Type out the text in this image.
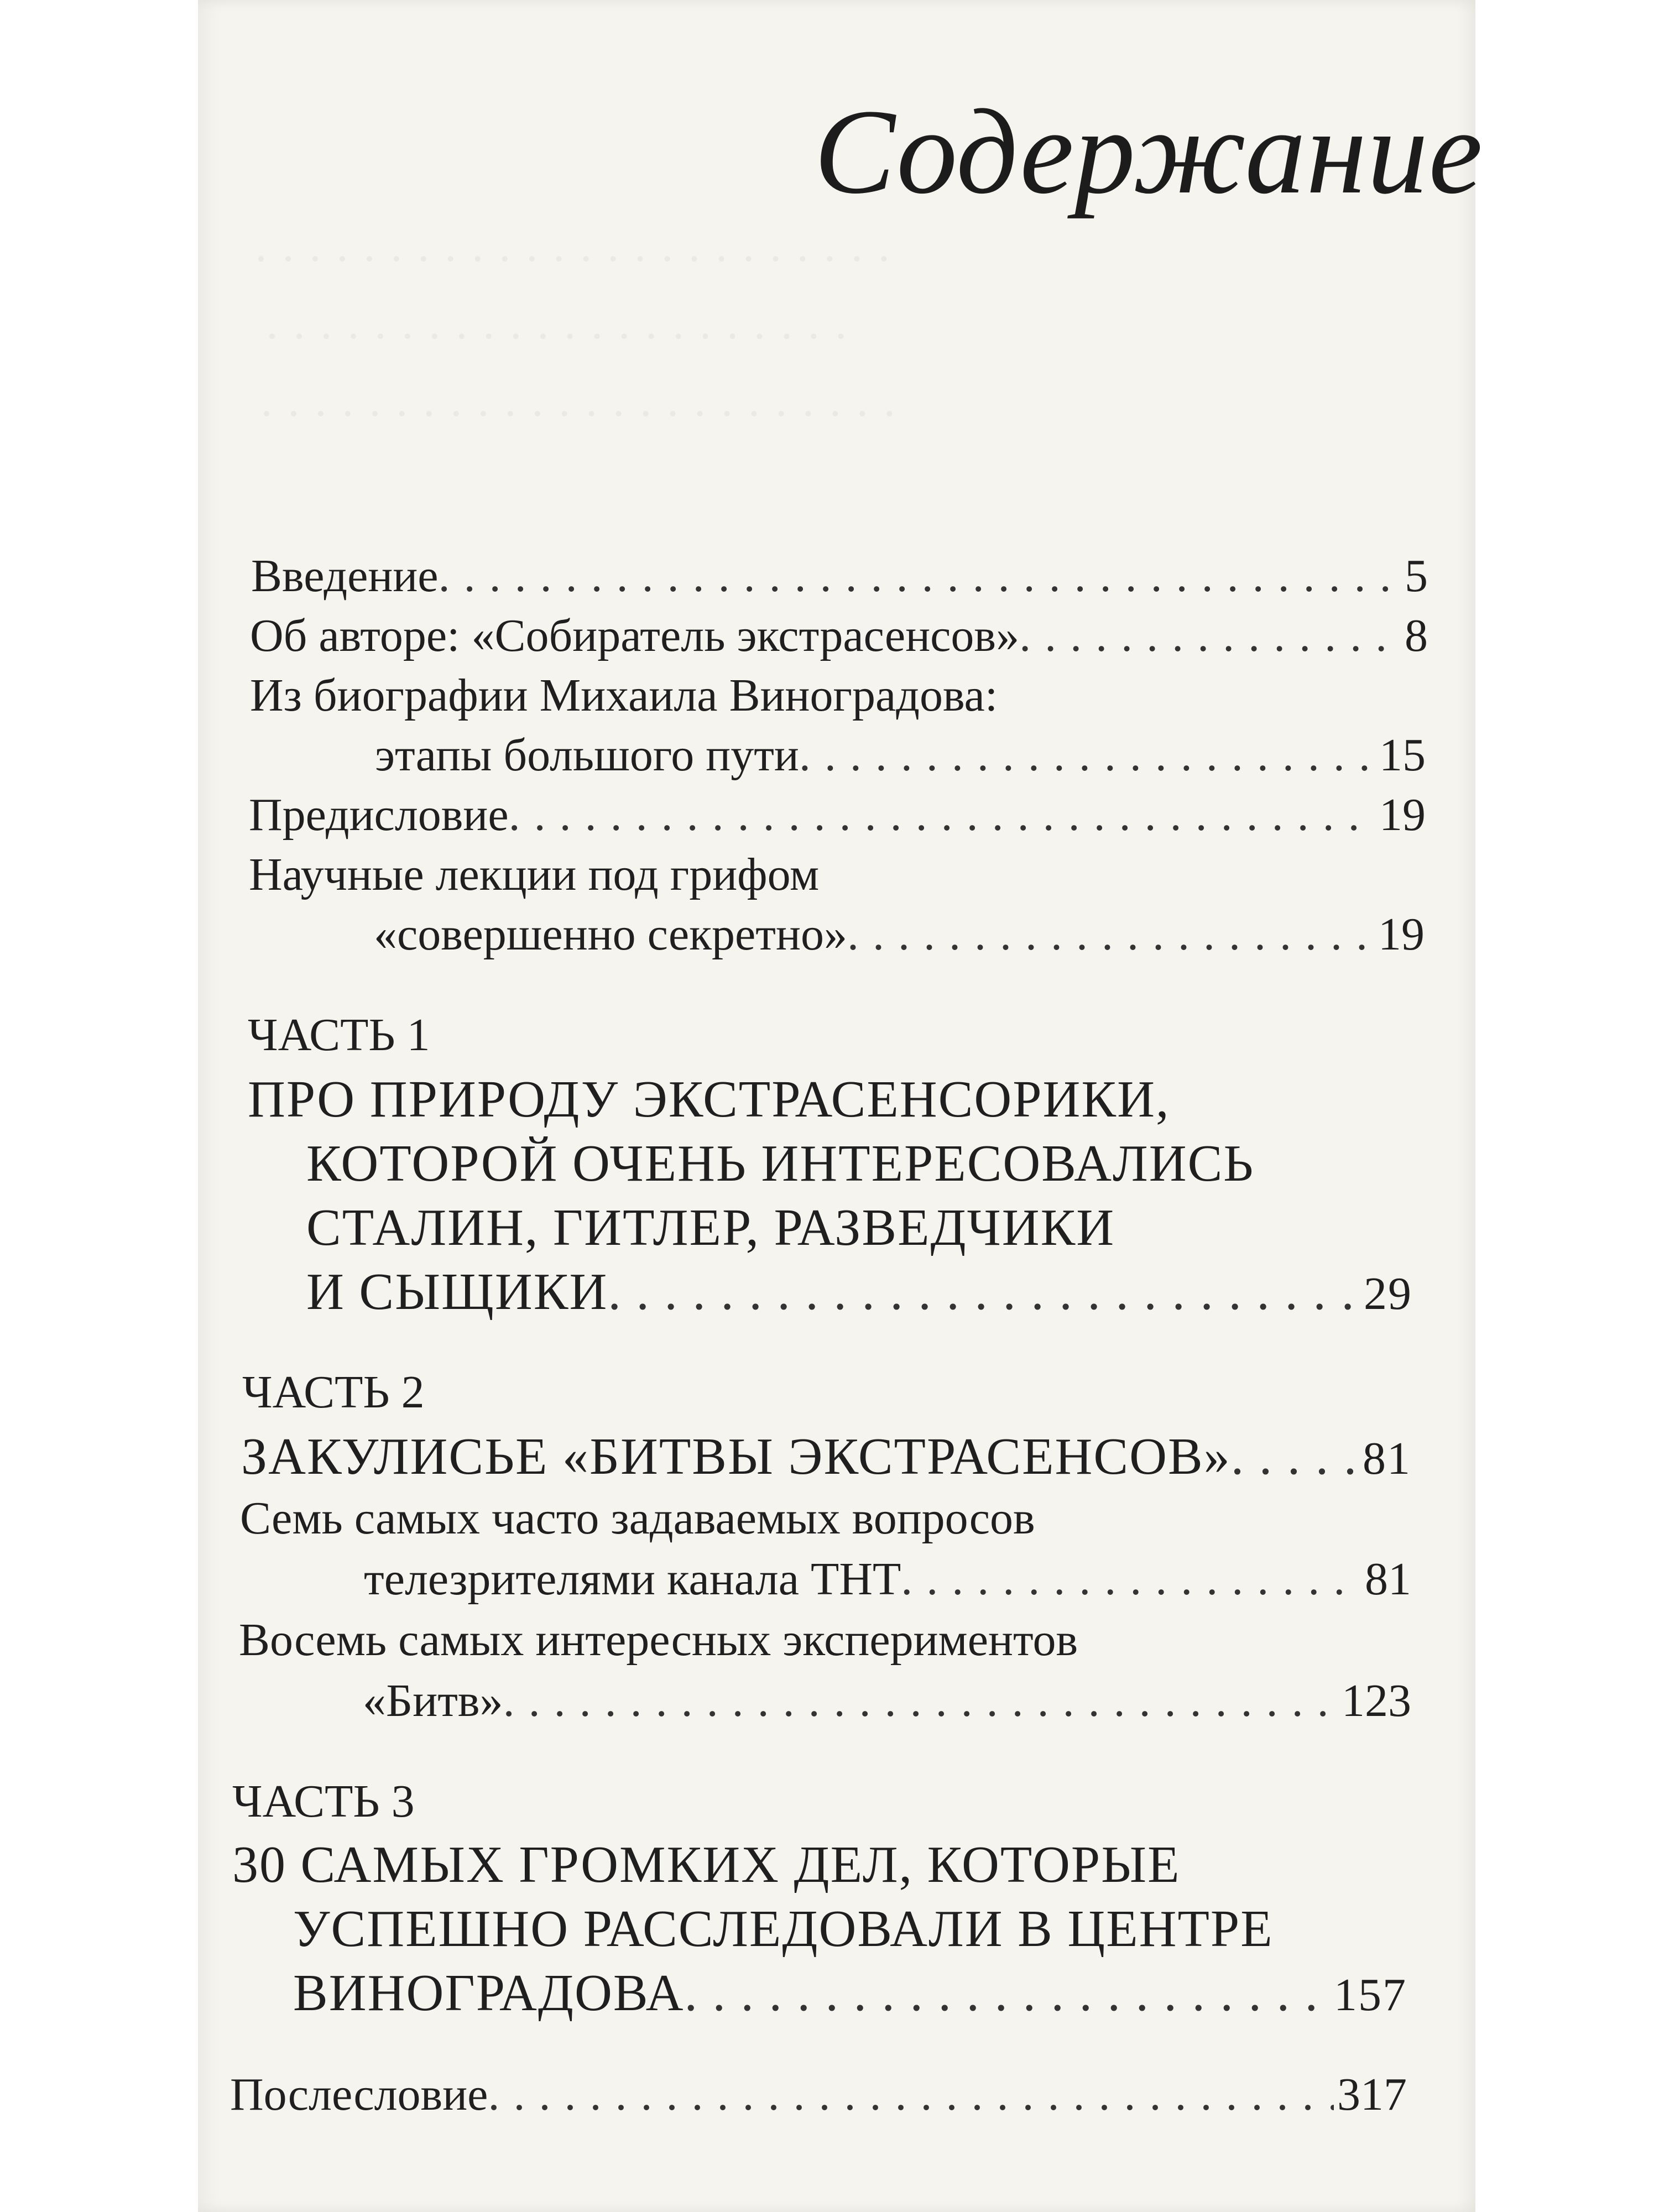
· · · · · · · · · · · · · · · · · · · · · · · ·
· · · · · · · · · · · · · · · · · · · · · ·
· · · · · · · · · · · · · · · · · · · · · · · ·
Содержание
Введение . . .	5
Об авторе: «Собиратель экстрасенсов» . . .	8
Из биографии Михаила Виноградова:
этапы большого пути . . .	15
Предисловие . . .	19
Научные лекции под грифом
«совершенно секретно» . . .	19
ЧАСТЬ 1
ПРО ПРИРОДУ ЭКСТРАСЕНСОРИКИ,
КОТОРОЙ ОЧЕНЬ ИНТЕРЕСОВАЛИСЬ
СТАЛИН, ГИТЛЕР, РАЗВЕДЧИКИ
И СЫЩИКИ . . .	29
ЧАСТЬ 2
ЗАКУЛИСЬЕ «БИТВЫ ЭКСТРАСЕНСОВ» . . .	81
Семь самых часто задаваемых вопросов
телезрителями канала ТНТ . . .	81
Восемь самых интересных экспериментов
«Битв» . . .	123
ЧАСТЬ 3
30 САМЫХ ГРОМКИХ ДЕЛ, КОТОРЫЕ
УСПЕШНО РАССЛЕДОВАЛИ В ЦЕНТРЕ
ВИНОГРАДОВА . . .	157
Послесловие . . .	317
